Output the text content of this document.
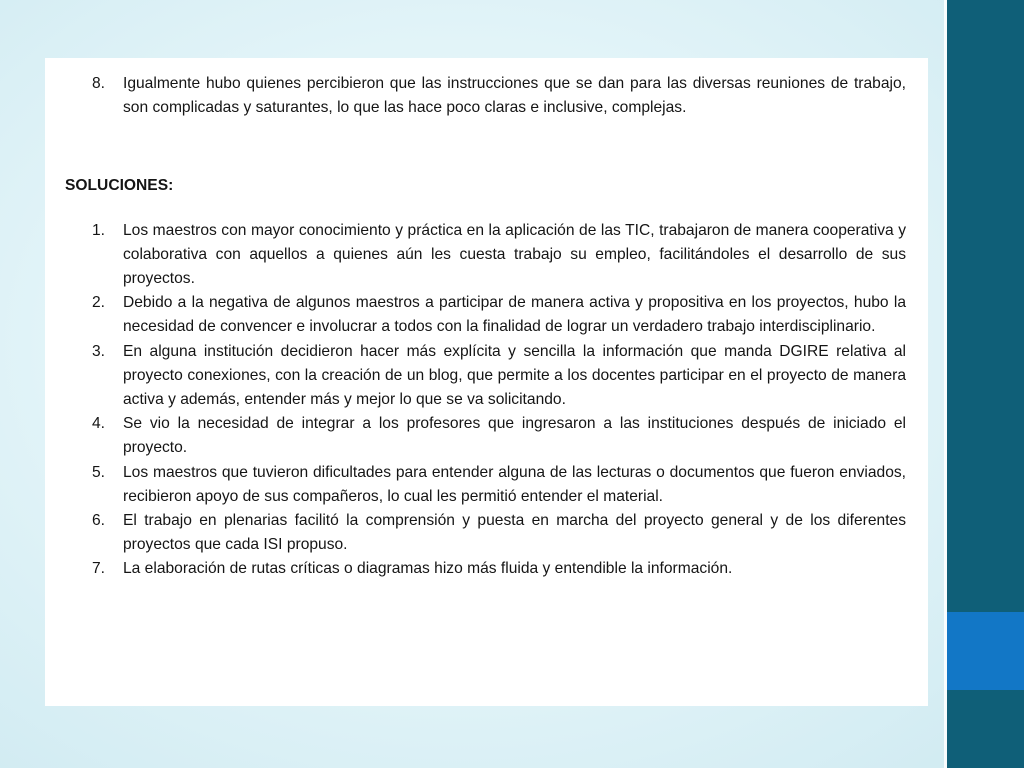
8.	Igualmente hubo quienes percibieron que las instrucciones que se dan para las diversas reuniones de trabajo, son complicadas y saturantes, lo que las hace poco claras e inclusive, complejas.
SOLUCIONES:
1.	Los maestros con mayor conocimiento y práctica en la aplicación de las TIC, trabajaron de manera cooperativa y colaborativa con aquellos a quienes aún les cuesta trabajo su empleo, facilitándoles el desarrollo de sus proyectos.
2.	Debido a la negativa de algunos maestros a participar de manera activa y propositiva en los proyectos, hubo la necesidad de convencer e involucrar a todos con la finalidad de lograr un verdadero trabajo interdisciplinario.
3.	En alguna institución decidieron hacer más explícita y sencilla la información que manda DGIRE relativa al proyecto conexiones, con la creación de un blog, que permite a los docentes participar en el proyecto de manera activa y además, entender más y mejor lo que se va solicitando.
4.	Se vio la necesidad de integrar a los profesores que ingresaron a las instituciones después de iniciado el proyecto.
5.	Los maestros que tuvieron dificultades para entender alguna de las lecturas o documentos que fueron enviados, recibieron apoyo de sus compañeros, lo cual les permitió entender el material.
6.	El trabajo en plenarias facilitó la comprensión y puesta en marcha del proyecto general y de los diferentes proyectos que cada ISI propuso.
7.	La elaboración de rutas críticas o diagramas hizo más fluida y entendible la información.
